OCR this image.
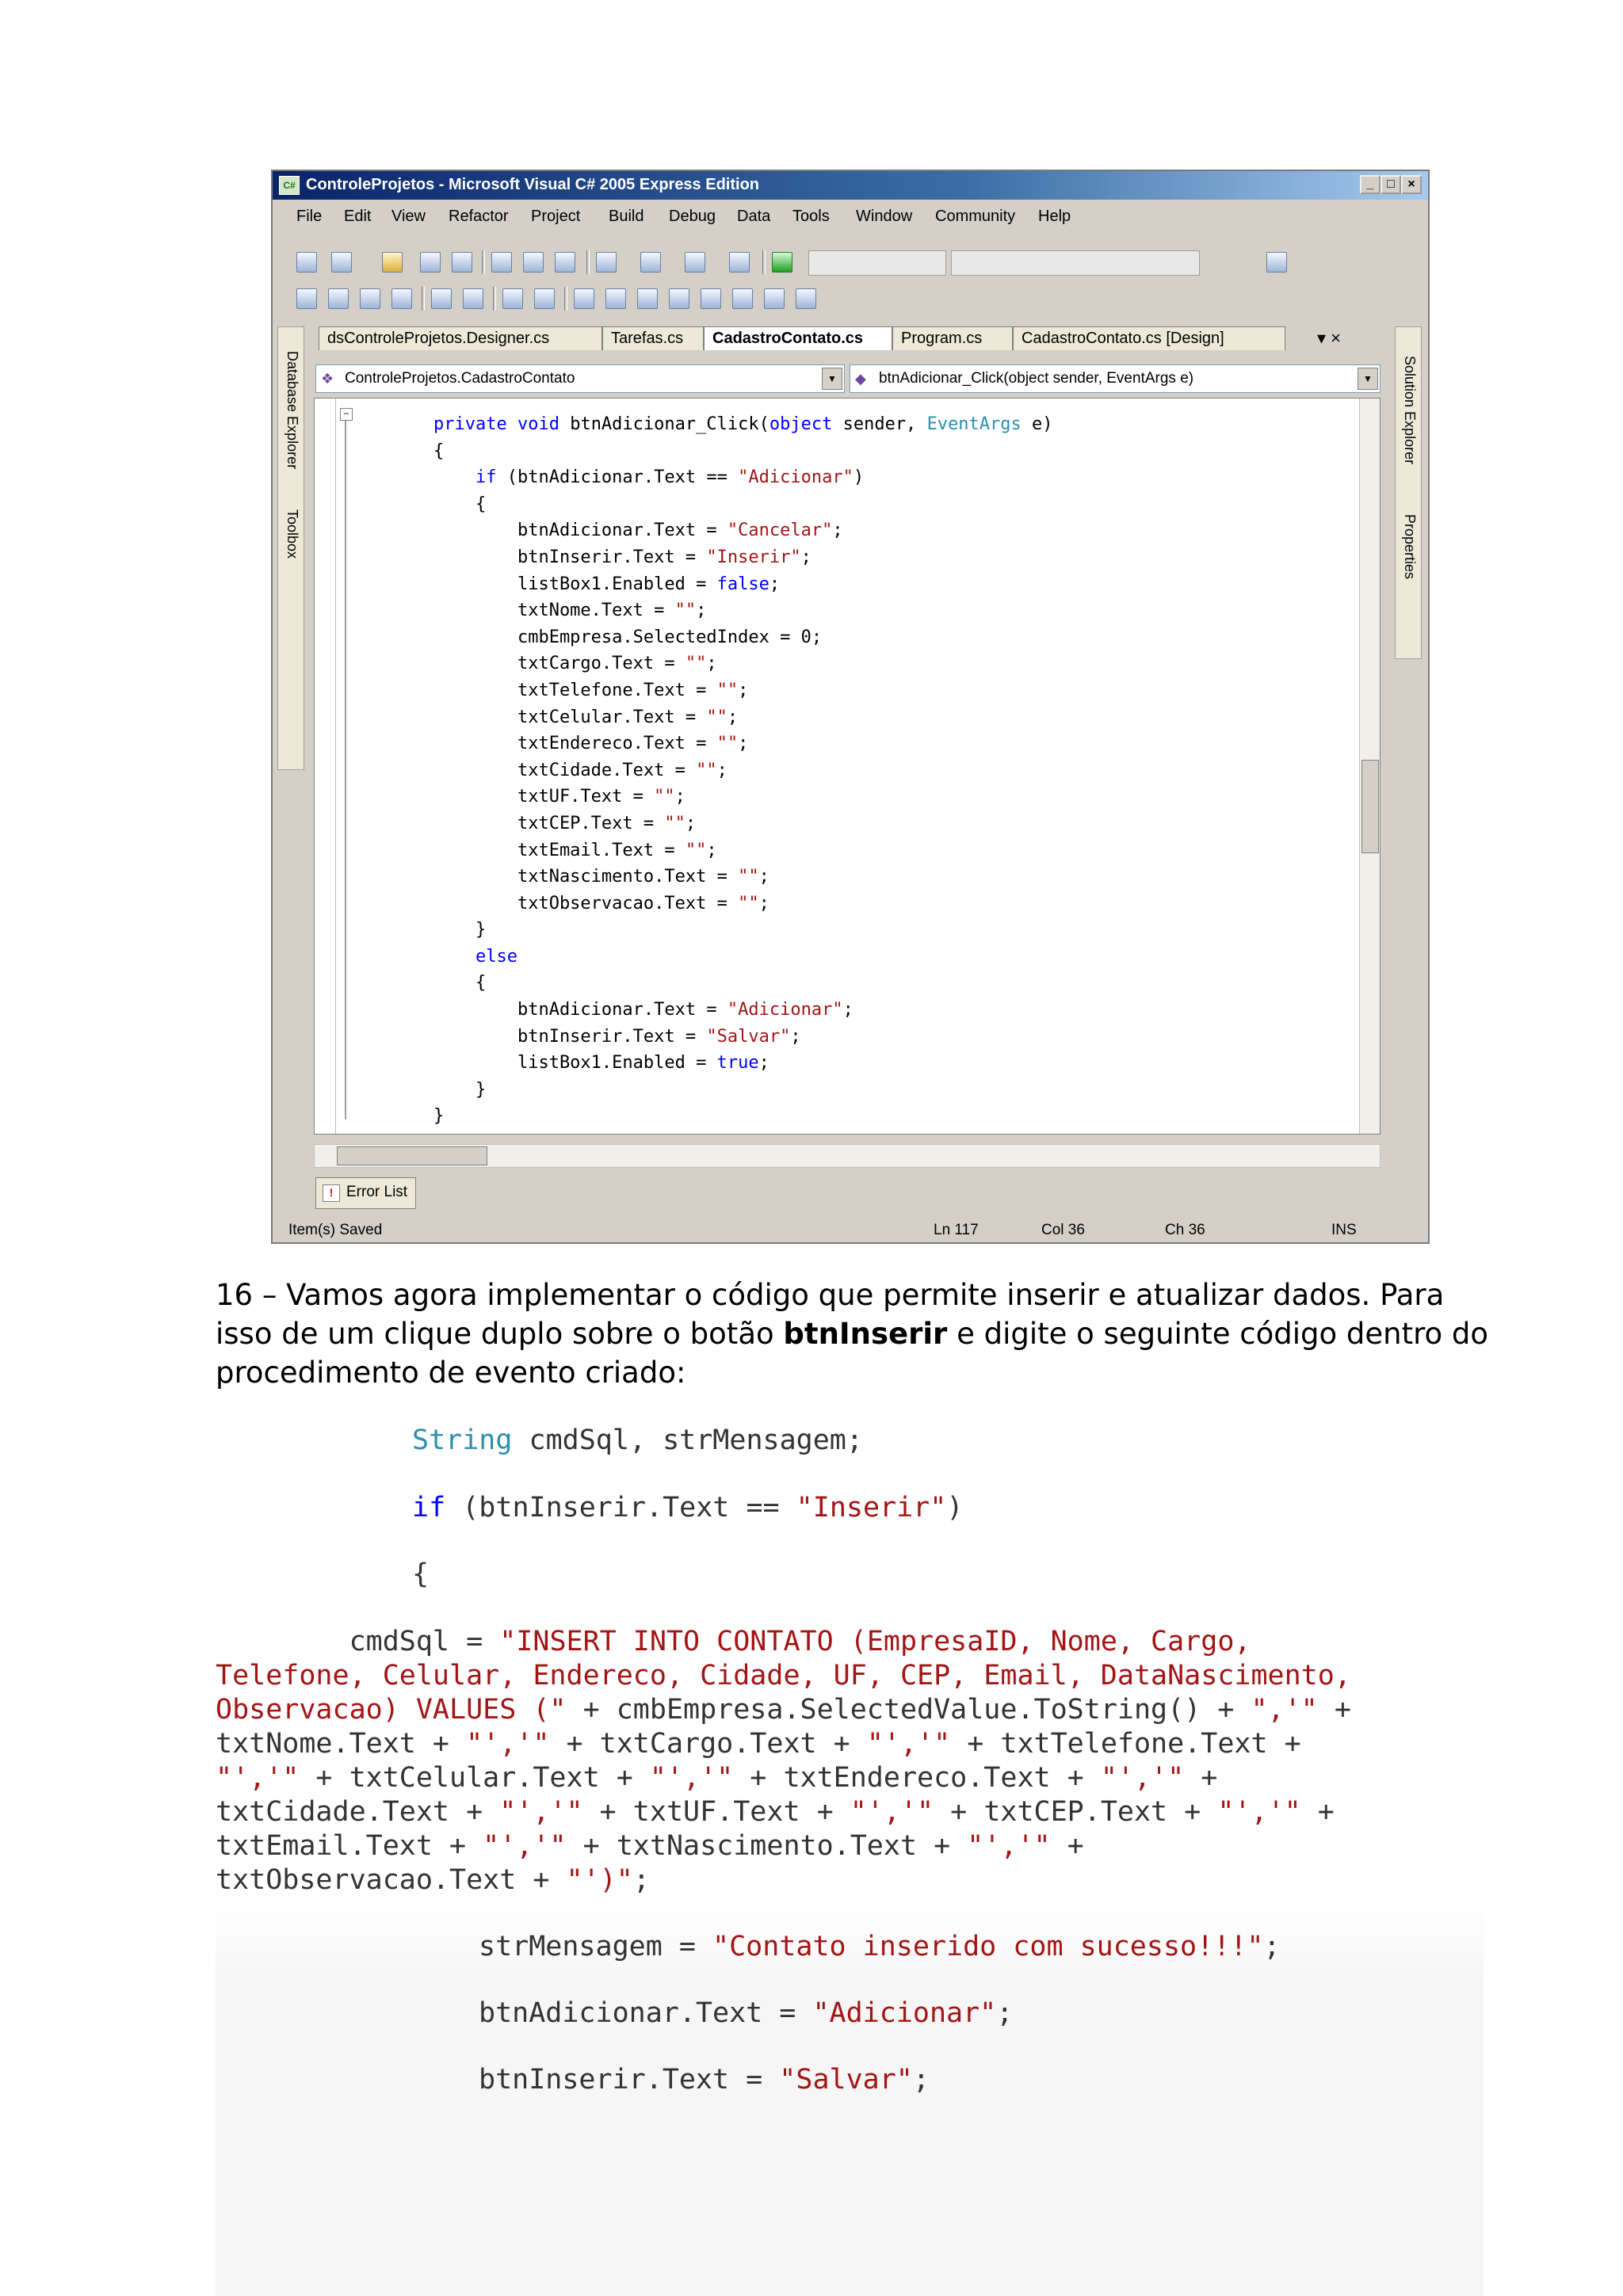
C# ControleProjetos - Microsoft Visual C# 2005 Express Edition	_	□	×
File Edit View Refactor Project Build Debug Data Tools Window Community Help
Database Explorer
Toolbox
Solution Explorer
Properties
dsControleProjetos.Designer.cs	Tarefas.cs	CadastroContato.cs	Program.cs	CadastroContato.cs [Design]	▾ ×
❖ ControleProjetos.CadastroContato	▼	◆ btnAdicionar_Click(object sender, EventArgs e)	▼
−
private void btnAdicionar_Click(object sender, EventArgs e)
{
if (btnAdicionar.Text == "Adicionar")
{
btnAdicionar.Text = "Cancelar";
btnInserir.Text = "Inserir";
listBox1.Enabled = false;
txtNome.Text = "";
cmbEmpresa.SelectedIndex = 0;
txtCargo.Text = "";
txtTelefone.Text = "";
txtCelular.Text = "";
txtEndereco.Text = "";
txtCidade.Text = "";
txtUF.Text = "";
txtCEP.Text = "";
txtEmail.Text = "";
txtNascimento.Text = "";
txtObservacao.Text = "";
}
else
{
btnAdicionar.Text = "Adicionar";
btnInserir.Text = "Salvar";
listBox1.Enabled = true;
}
}
! Error List
Item(s) Saved	Ln 117	Col 36	Ch 36	INS

16 – Vamos agora implementar o código que permite inserir e atualizar dados. Para isso de um clique duplo sobre o botão btnInserir e digite o seguinte código dentro do procedimento de evento criado:

String cmdSql, strMensagem;
if (btnInserir.Text == "Inserir")
{
cmdSql = "INSERT INTO CONTATO (EmpresaID, Nome, Cargo,
Telefone, Celular, Endereco, Cidade, UF, CEP, Email, DataNascimento,
Observacao) VALUES (" + cmbEmpresa.SelectedValue.ToString() + ",'" +
txtNome.Text + "','" + txtCargo.Text + "','" + txtTelefone.Text +
"','" + txtCelular.Text + "','" + txtEndereco.Text + "','" +
txtCidade.Text + "','" + txtUF.Text + "','" + txtCEP.Text + "','" +
txtEmail.Text + "','" + txtNascimento.Text + "','" +
txtObservacao.Text + "')";
strMensagem = "Contato inserido com sucesso!!!";
btnAdicionar.Text = "Adicionar";
btnInserir.Text = "Salvar";
